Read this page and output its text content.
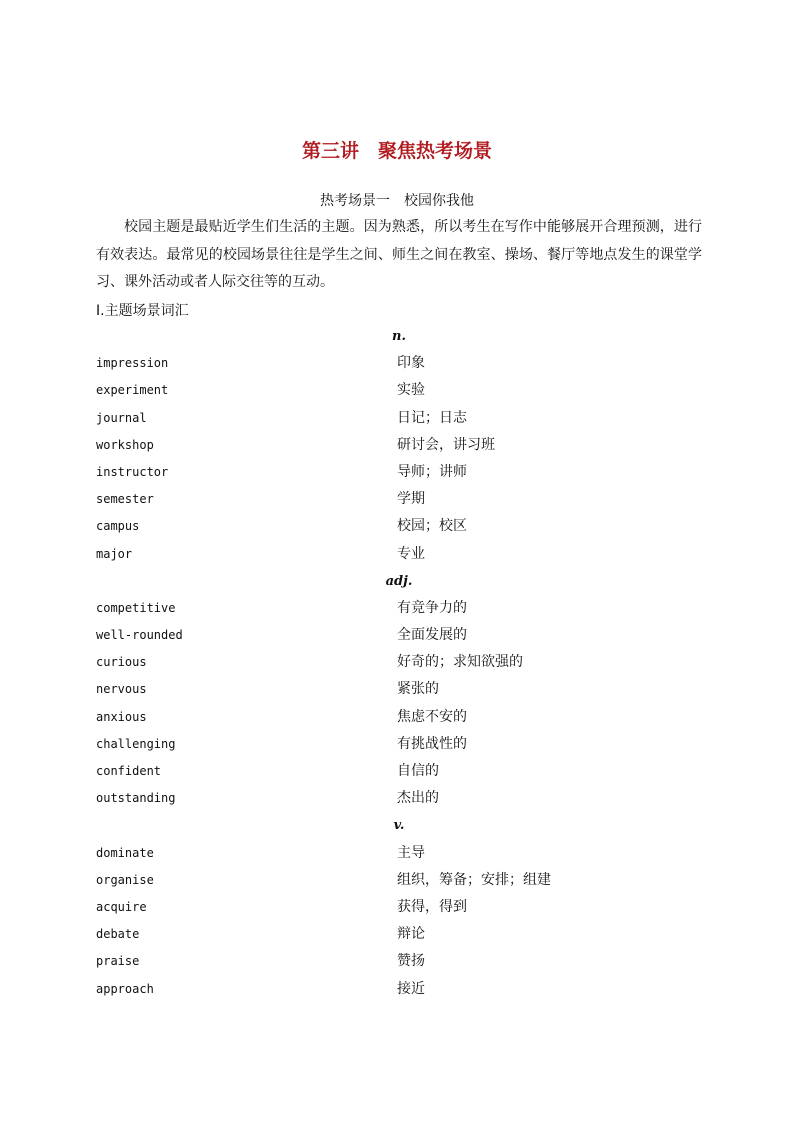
第三讲　聚焦热考场景
热考场景一　校园你我他
校园主题是最贴近学生们生活的主题。因为熟悉，所以考生在写作中能够展开合理预测，进行有效表达。最常见的校园场景往往是学生之间、师生之间在教室、操场、餐厅等地点发生的课堂学习、课外活动或者人际交往等的互动。
Ⅰ.主题场景词汇
n.
impression	印象
experiment	实验
journal	日记；日志
workshop	研讨会，讲习班
instructor	导师；讲师
semester	学期
campus	校园；校区
major	专业
adj.
competitive	有竞争力的
well-rounded	全面发展的
curious	好奇的；求知欲强的
nervous	紧张的
anxious	焦虑不安的
challenging	有挑战性的
confident	自信的
outstanding	杰出的
v.
dominate	主导
organise	组织，筹备；安排；组建
acquire	获得，得到
debate	辩论
praise	赞扬
approach	接近
